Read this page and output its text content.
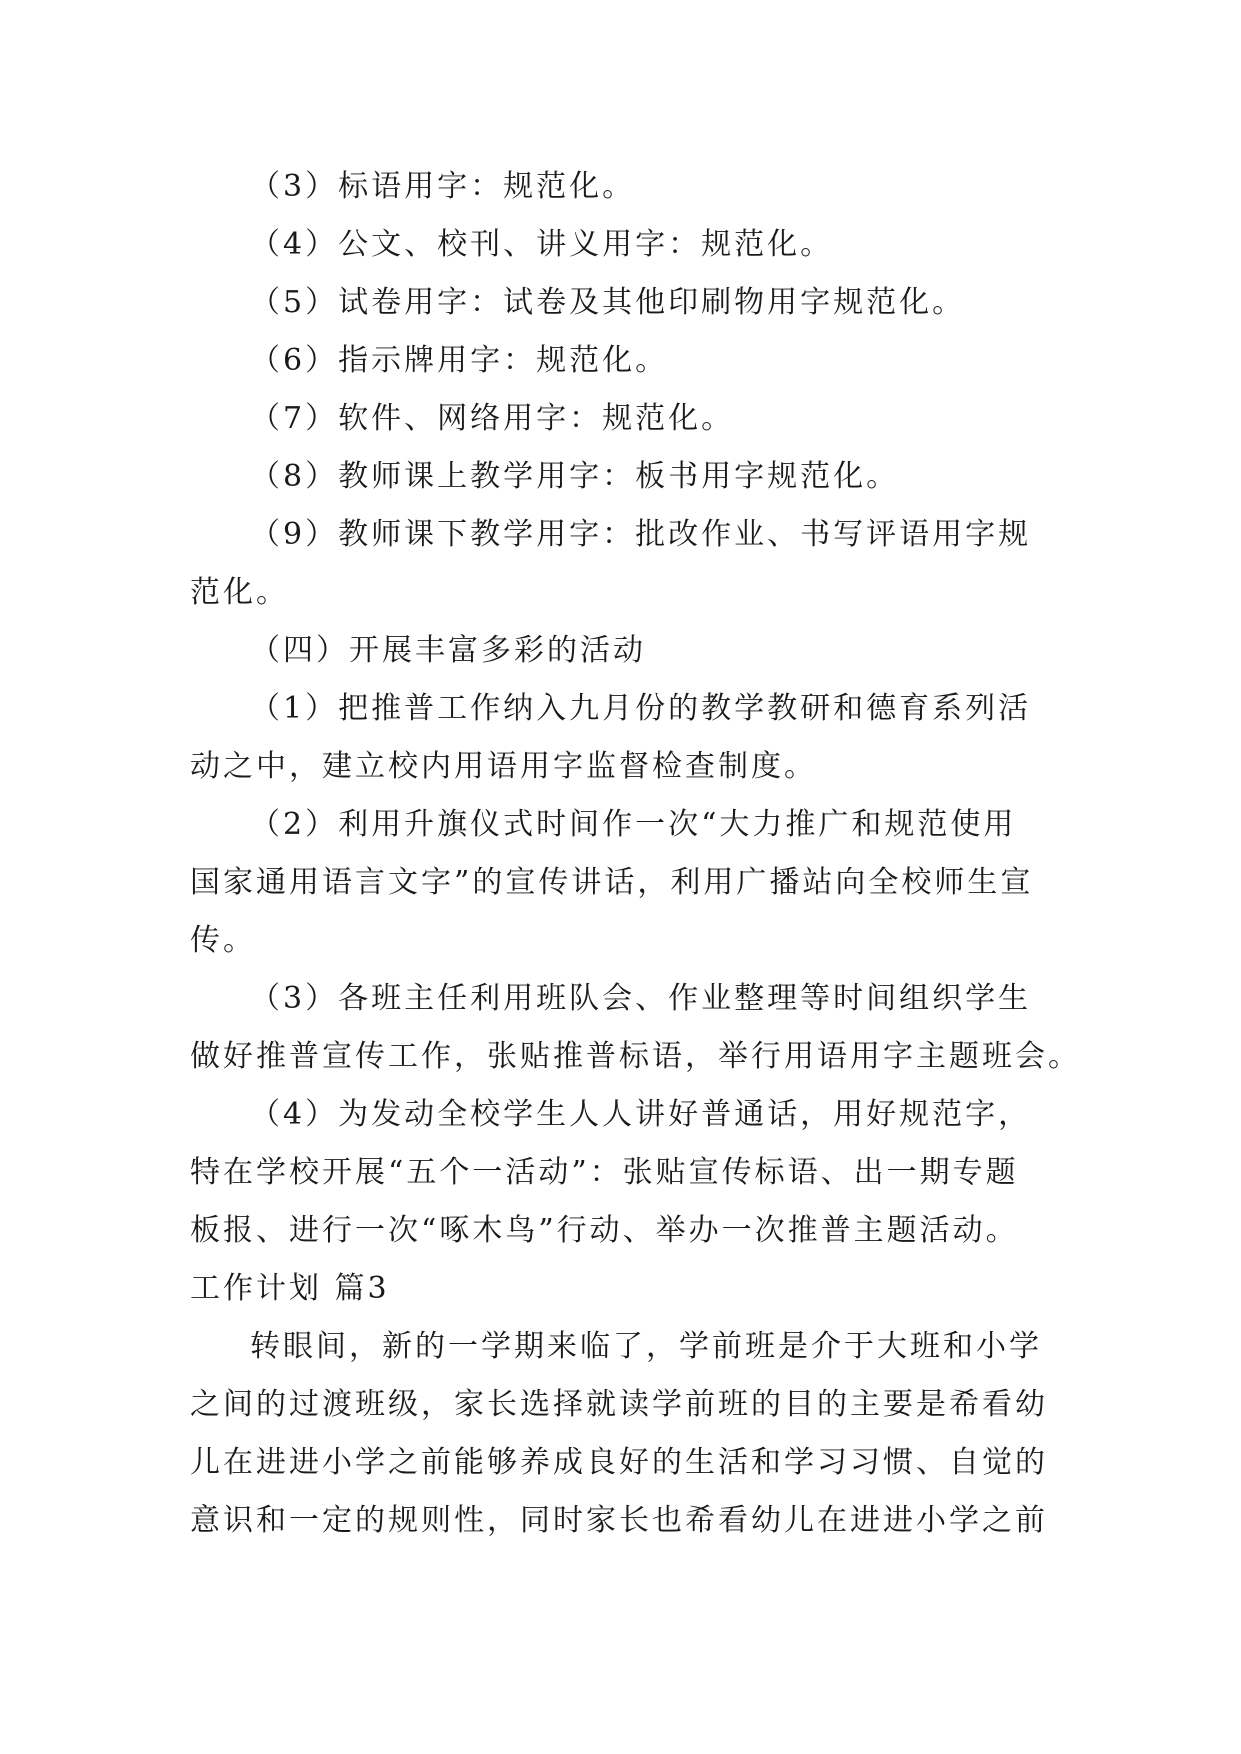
（3）标语用字：规范化。
（4）公文、校刊、讲义用字：规范化。
（5）试卷用字：试卷及其他印刷物用字规范化。
（6）指示牌用字：规范化。
（7）软件、网络用字：规范化。
（8）教师课上教学用字：板书用字规范化。
（9）教师课下教学用字：批改作业、书写评语用字规
范化。
（四）开展丰富多彩的活动
（1）把推普工作纳入九月份的教学教研和德育系列活
动之中，建立校内用语用字监督检查制度。
（2）利用升旗仪式时间作一次“大力推广和规范使用
国家通用语言文字”的宣传讲话，利用广播站向全校师生宣
传。
（3）各班主任利用班队会、作业整理等时间组织学生
做好推普宣传工作，张贴推普标语，举行用语用字主题班会。
（4）为发动全校学生人人讲好普通话，用好规范字，
特在学校开展“五个一活动”：张贴宣传标语、出一期专题
板报、进行一次“啄木鸟”行动、举办一次推普主题活动。
工作计划 篇3
转眼间，新的一学期来临了，学前班是介于大班和小学
之间的过渡班级，家长选择就读学前班的目的主要是希看幼
儿在进进小学之前能够养成良好的生活和学习习惯、自觉的
意识和一定的规则性，同时家长也希看幼儿在进进小学之前
